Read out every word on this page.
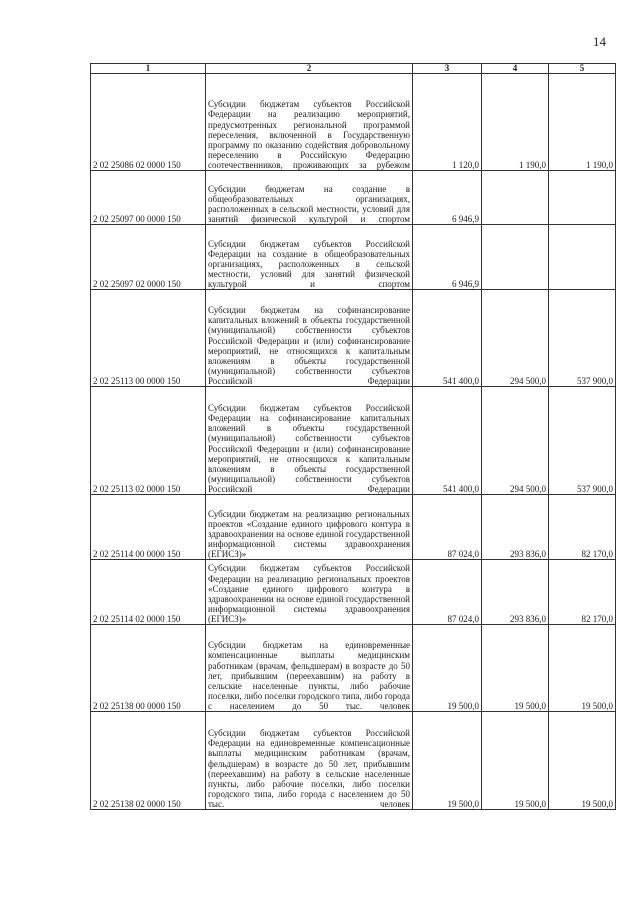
14
1	2	3	4	5
2 02 25086 02 0000 150	Субсидии бюджетам субъектов Российской Федерации на реализацию мероприятий, предусмотренных региональной программой переселения, включенной в Государственную программу по оказанию содействия добровольному переселению в Российскую Федерацию соотечественников, проживающих за рубежом	1 120,0	1 190,0	1 190,0
2 02 25097 00 0000 150	Субсидии бюджетам на создание в общеобразовательных организациях, расположенных в сельской местности, условий для занятий физической культурой и спортом	6 946,9		
2 02 25097 02 0000 150	Субсидии бюджетам субъектов Российской Федерации на создание в общеобразовательных организациях, расположенных в сельской местности, условий для занятий физической культурой и спортом	6 946,9		
2 02 25113 00 0000 150	Субсидии бюджетам на софинансирование капитальных вложений в объекты государственной (муниципальной) собственности субъектов Российской Федерации и (или) софинансирование мероприятий, не относящихся к капитальным вложениям в объекты государственной (муниципальной) собственности субъектов Российской Федерации	541 400,0	294 500,0	537 900,0
2 02 25113 02 0000 150	Субсидии бюджетам субъектов Российской Федерации на софинансирование капитальных вложений в объекты государственной (муниципальной) собственности субъектов Российской Федерации и (или) софинансирование мероприятий, не относящихся к капитальным вложениям в объекты государственной (муниципальной) собственности субъектов Российской Федерации	541 400,0	294 500,0	537 900,0
2 02 25114 00 0000 150	Субсидии бюджетам на реализацию региональных проектов «Создание единого цифрового контура в здравоохранении на основе единой государственной информационной системы здравоохранения (ЕГИСЗ)»	87 024,0	293 836,0	82 170,0
2 02 25114 02 0000 150	Субсидии бюджетам субъектов Российской Федерации на реализацию региональных проектов «Создание единого цифрового контура в здравоохранении на основе единой государственной информационной системы здравоохранения (ЕГИСЗ)»	87 024,0	293 836,0	82 170,0
2 02 25138 00 0000 150	Субсидии бюджетам на единовременные компенсационные выплаты медицинским работникам (врачам, фельдшерам) в возрасте до 50 лет, прибывшим (переехавшим) на работу в сельские населенные пункты, либо рабочие поселки, либо поселки городского типа, либо города с населением до 50 тыс. человек	19 500,0	19 500,0	19 500,0
2 02 25138 02 0000 150	Субсидии бюджетам субъектов Российской Федерации на единовременные компенсационные выплаты медицинским работникам (врачам, фельдшерам) в возрасте до 50 лет, прибывшим (переехавшим) на работу в сельские населенные пункты, либо рабочие поселки, либо поселки городского типа, либо города с населением до 50 тыс. человек	19 500,0	19 500,0	19 500,0
